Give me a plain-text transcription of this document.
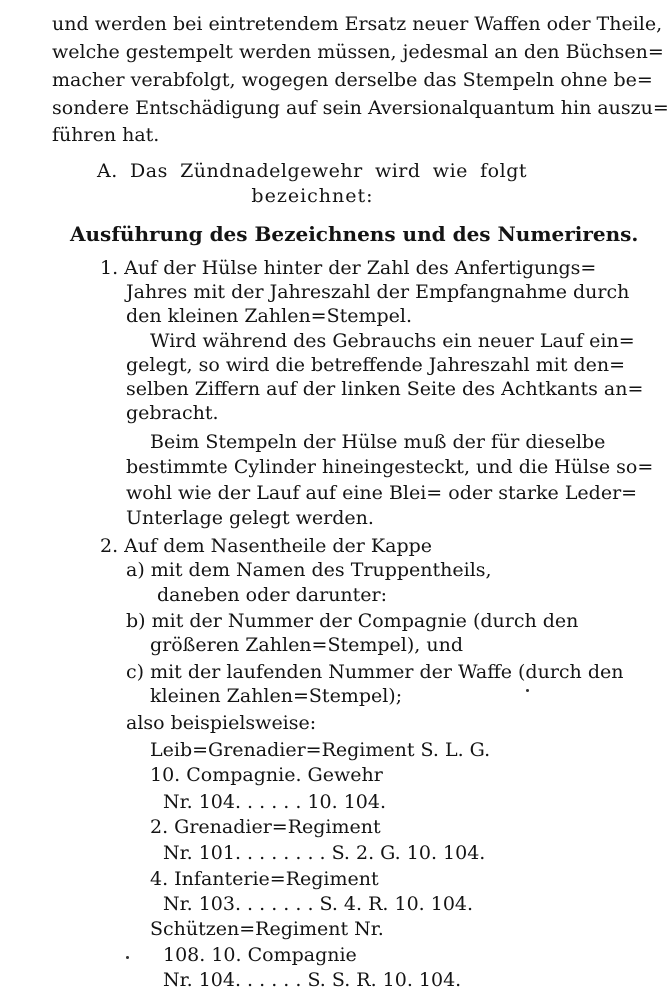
und werden bei eintretendem Ersatz neuer Waffen oder Theile,
welche gestempelt werden müssen, jedesmal an den Büchsen=
macher verabfolgt, wogegen derselbe das Stempeln ohne be=
sondere Entschädigung auf sein Aversionalquantum hin auszu=
führen hat.
A. Das Zündnadelgewehr wird wie folgt
bezeichnet:
Ausführung des Bezeichnens und des Numerirens.
1. Auf der Hülse hinter der Zahl des Anfertigungs=
Jahres mit der Jahreszahl der Empfangnahme durch
den kleinen Zahlen=Stempel.
Wird während des Gebrauchs ein neuer Lauf ein=
gelegt, so wird die betreffende Jahreszahl mit den=
selben Ziffern auf der linken Seite des Achtkants an=
gebracht.
Beim Stempeln der Hülse muß der für dieselbe
bestimmte Cylinder hineingesteckt, und die Hülse so=
wohl wie der Lauf auf eine Blei= oder starke Leder=
Unterlage gelegt werden.
2. Auf dem Nasentheile der Kappe
a) mit dem Namen des Truppentheils,
daneben oder darunter:
b) mit der Nummer der Compagnie (durch den
größeren Zahlen=Stempel), und
c) mit der laufenden Nummer der Waffe (durch den
kleinen Zahlen=Stempel);
also beispielsweise:
Leib=Grenadier=Regiment S. L. G.
10. Compagnie. Gewehr
Nr. 104. . . . . . 10. 104.
2. Grenadier=Regiment
Nr. 101. . . . . . . . S. 2. G. 10. 104.
4. Infanterie=Regiment
Nr. 103. . . . . . . S. 4. R. 10. 104.
Schützen=Regiment Nr.
108. 10. Compagnie
Nr. 104. . . . . . S. S. R. 10. 104.
